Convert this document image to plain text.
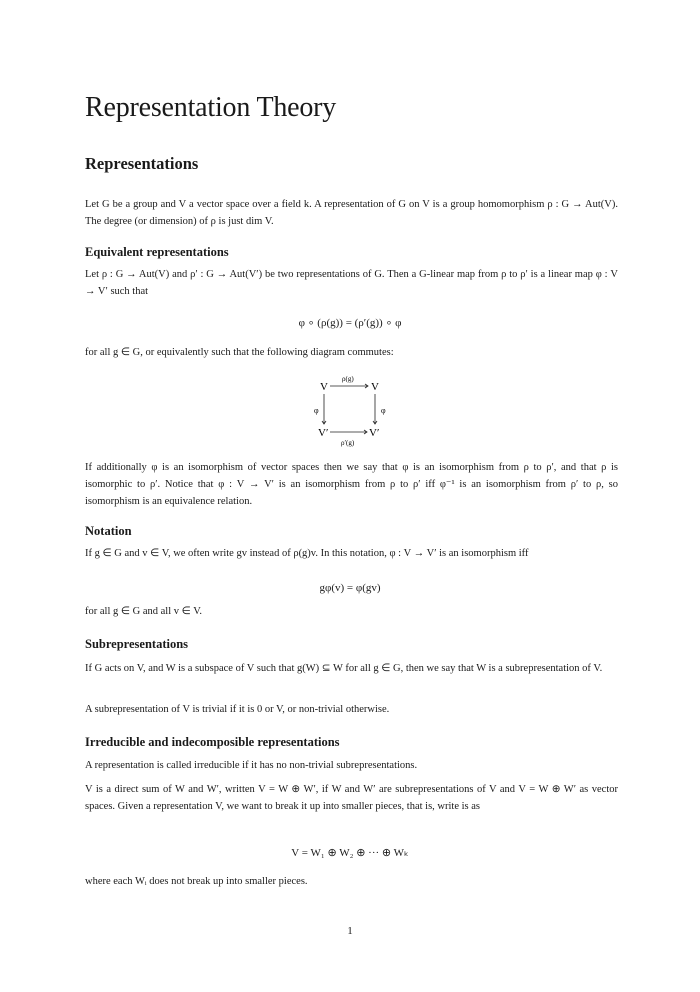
Representation Theory
Representations
Let G be a group and V a vector space over a field k. A representation of G on V is a group homomorphism ρ : G → Aut(V). The degree (or dimension) of ρ is just dim V.
Equivalent representations
Let ρ : G → Aut(V) and ρ′ : G → Aut(V′) be two representations of G. Then a G-linear map from ρ to ρ′ is a linear map φ : V → V′ such that
φ ∘ (ρ(g)) = (ρ′(g)) ∘ φ
for all g ∈ G, or equivalently such that the following diagram commutes:
V	V
V′	V′
ρ(g)
ρ′(g)
φ	φ
If additionally φ is an isomorphism of vector spaces then we say that φ is an isomorphism from ρ to ρ′, and that ρ is isomorphic to ρ′. Notice that φ : V → V′ is an isomorphism from ρ to ρ′ iff φ⁻¹ is an isomorphism from ρ′ to ρ, so isomorphism is an equivalence relation.
Notation
If g ∈ G and v ∈ V, we often write gv instead of ρ(g)v. In this notation, φ : V → V′ is an isomorphism iff
gφ(v) = φ(gv)
for all g ∈ G and all v ∈ V.
Subrepresentations
If G acts on V, and W is a subspace of V such that g(W) ⊆ W for all g ∈ G, then we say that W is a subrepresentation of V.
A subrepresentation of V is trivial if it is 0 or V, or non-trivial otherwise.
Irreducible and indecomposible representations
A representation is called irreducible if it has no non-trivial subrepresentations.
V is a direct sum of W and W′, written V = W ⊕ W′, if W and W′ are subrepresentations of V and V = W ⊕ W′ as vector spaces. Given a representation V, we want to break it up into smaller pieces, that is, write is as
V = W₁ ⊕ W₂ ⊕ ··· ⊕ Wₖ
where each Wᵢ does not break up into smaller pieces.
1
